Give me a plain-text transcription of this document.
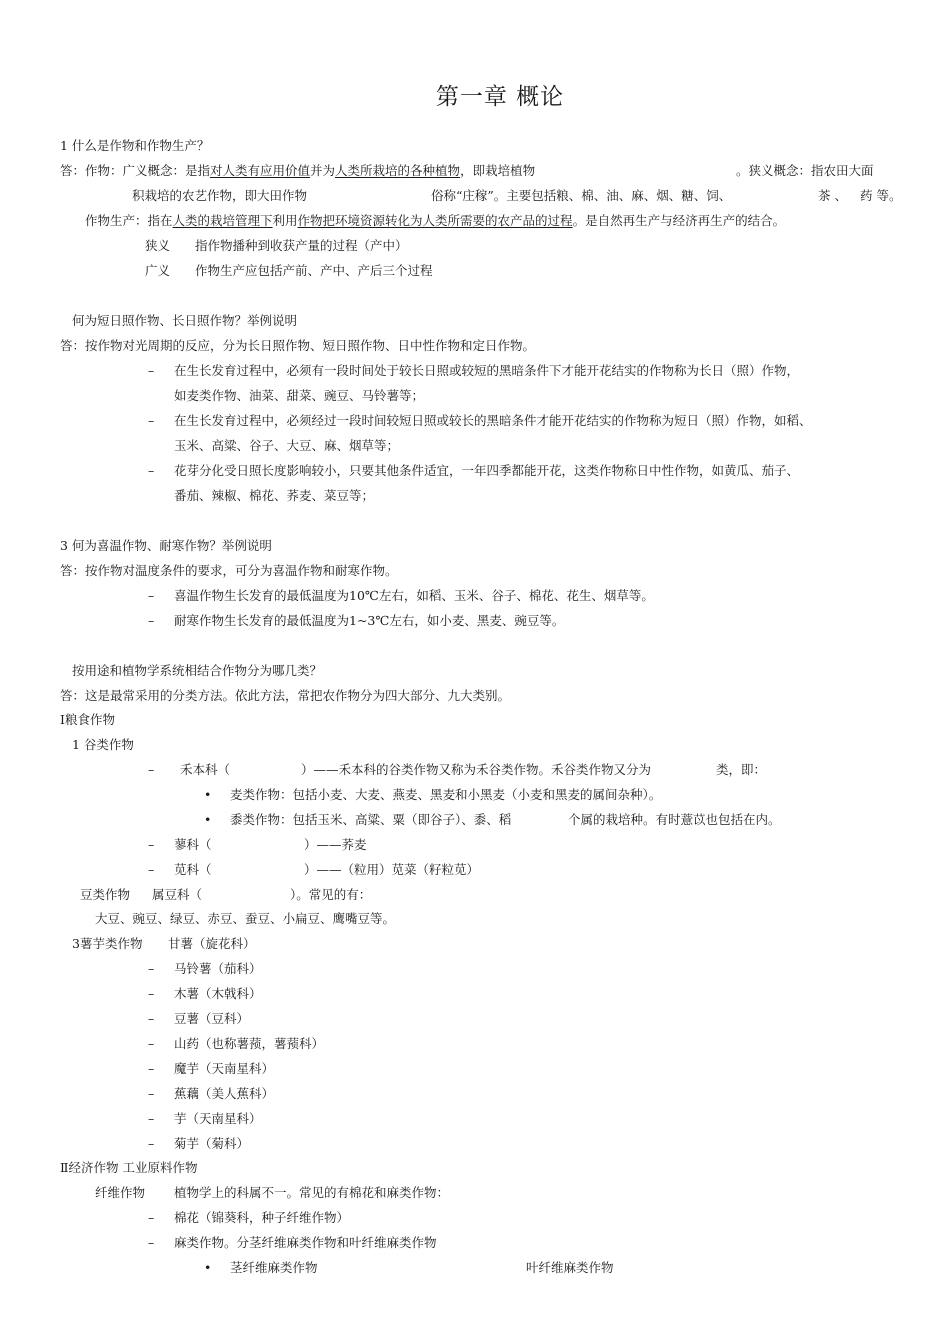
第一章 概论
1 什么是作物和作物生产？
答：作物：广义概念：是指对人类有应用价值并为人类所栽培的各种植物，即栽培植物	。狭义概念：指农田大面
积栽培的农艺作物，即大田作物	俗称“庄稼”。主要包括粮、棉、油、麻、烟、糖、饲、	茶 、 药 等。
作物生产：指在人类的栽培管理下利用作物把环境资源转化为人类所需要的农产品的过程。是自然再生产与经济再生产的结合。
狭义 指作物播种到收获产量的过程（产中）
广义 作物生产应包括产前、产中、产后三个过程
何为短日照作物、长日照作物？举例说明
答：按作物对光周期的反应，分为长日照作物、短日照作物、日中性作物和定日作物。
– 在生长发育过程中，必须有一段时间处于较长日照或较短的黑暗条件下才能开花结实的作物称为长日（照）作物，
如麦类作物、油菜、甜菜、豌豆、马铃薯等；
– 在生长发育过程中，必须经过一段时间较短日照或较长的黑暗条件才能开花结实的作物称为短日（照）作物，如稻、
玉米、高粱、谷子、大豆、麻、烟草等；
– 花芽分化受日照长度影响较小，只要其他条件适宜，一年四季都能开花，这类作物称日中性作物，如黄瓜、茄子、
番茄、辣椒、棉花、荞麦、菜豆等；
3 何为喜温作物、耐寒作物？举例说明
答：按作物对温度条件的要求，可分为喜温作物和耐寒作物。
– 喜温作物生长发育的最低温度为10℃左右，如稻、玉米、谷子、棉花、花生、烟草等。
– 耐寒作物生长发育的最低温度为1~3℃左右，如小麦、黑麦、豌豆等。
按用途和植物学系统相结合作物分为哪几类？
答：这是最常采用的分类方法。依此方法，常把农作物分为四大部分、九大类别。
Ⅰ粮食作物
1 谷类作物
– 禾本科（	）——禾本科的谷类作物又称为禾谷类作物。禾谷类作物又分为	类，即：
• 麦类作物：包括小麦、大麦、燕麦、黑麦和小黑麦（小麦和黑麦的属间杂种）。
• 黍类作物：包括玉米、高粱、粟（即谷子）、黍、稻	个属的栽培种。有时薏苡也包括在内。
– 蓼科（	）——荞麦
– 苋科（	）——（粒用）苋菜（籽粒苋）
豆类作物 属豆科（	）。常见的有：
大豆、豌豆、绿豆、赤豆、蚕豆、小扁豆、鹰嘴豆等。
3薯芋类作物 甘薯（旋花科）
– 马铃薯（茄科）
– 木薯（木戟科）
– 豆薯（豆科）
– 山药（也称薯蓣，薯蓣科）
– 魔芋（天南星科）
– 蕉藕（美人蕉科）
– 芋（天南星科）
– 菊芋（菊科）
Ⅱ经济作物 工业原料作物
纤维作物 植物学上的科属不一。常见的有棉花和麻类作物：
– 棉花（锦葵科，种子纤维作物）
– 麻类作物。分茎纤维麻类作物和叶纤维麻类作物
• 茎纤维麻类作物	叶纤维麻类作物
